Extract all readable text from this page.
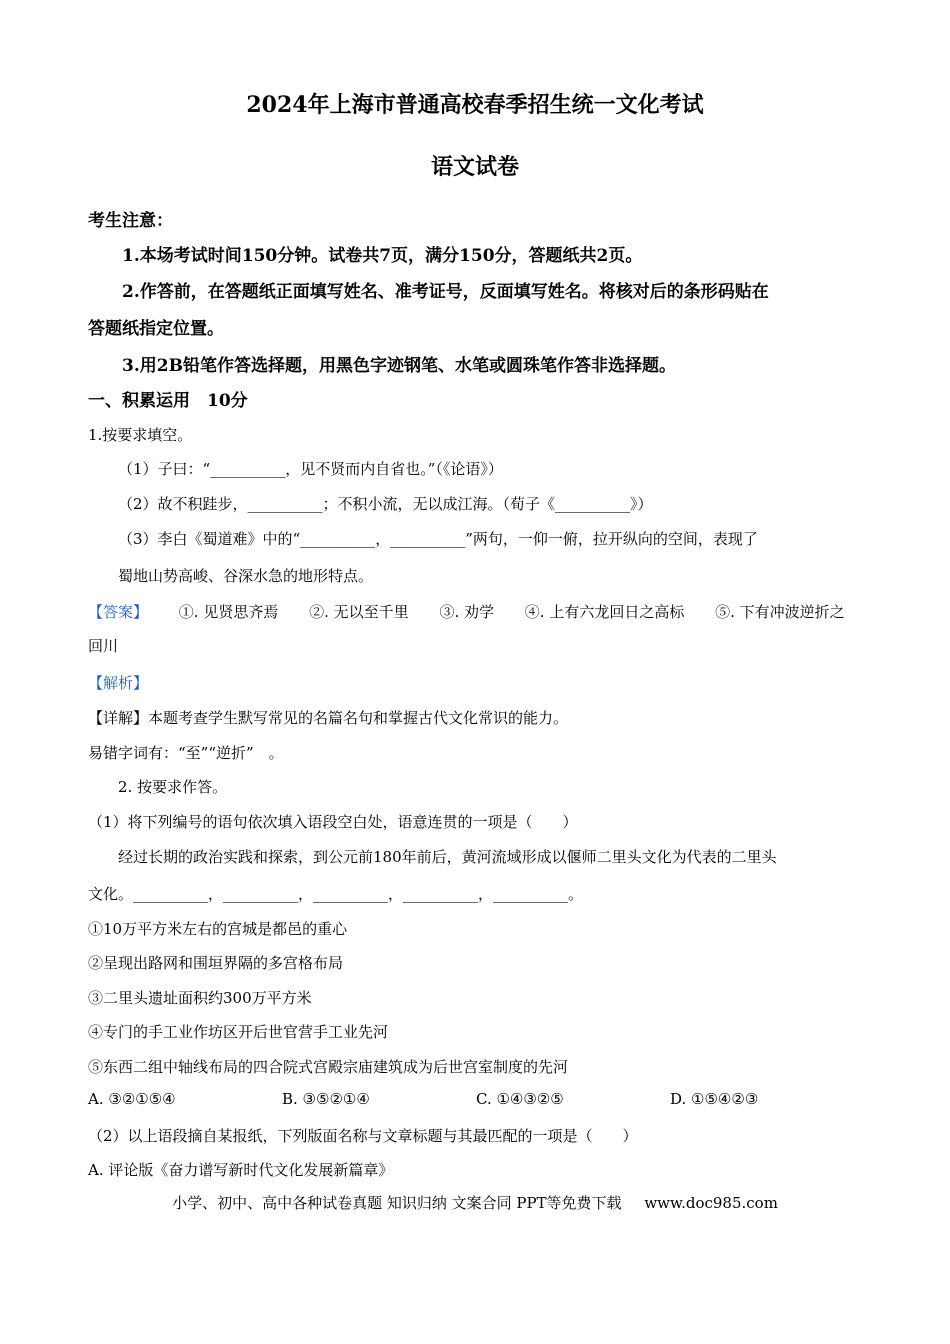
2024年上海市普通高校春季招生统一文化考试
语文试卷
考生注意：
1.本场考试时间150分钟。试卷共7页，满分150分，答题纸共2页。
2.作答前，在答题纸正面填写姓名、准考证号，反面填写姓名。将核对后的条形码贴在
答题纸指定位置。
3.用2B铅笔作答选择题，用黑色字迹钢笔、水笔或圆珠笔作答非选择题。
一、积累运用　10分
1.按要求填空。
（1）子曰：“__________，见不贤而内自省也。”（《论语》）
（2）故不积跬步，__________；不积小流，无以成江海。（荀子《__________》）
（3）李白《蜀道难》中的“__________，__________”两句，一仰一俯，拉开纵向的空间，表现了
蜀地山势高峻、谷深水急的地形特点。
【答案】 ①. 见贤思齐焉 ②. 无以至千里 ③. 劝学 ④. 上有六龙回日之高标 ⑤. 下有冲波逆折之
回川
【解析】
【详解】本题考查学生默写常见的名篇名句和掌握古代文化常识的能力。
易错字词有：“至”“逆折”　。
2. 按要求作答。
（1）将下列编号的语句依次填入语段空白处，语意连贯的一项是（　　）
经过长期的政治实践和探索，到公元前180年前后，黄河流域形成以偃师二里头文化为代表的二里头
文化。__________，__________，__________，__________，__________。
①10万平方米左右的宫城是都邑的重心
②呈现出路网和围垣界隔的多宫格布局
③二里头遗址面积约300万平方米
④专门的手工业作坊区开后世官营手工业先河
⑤东西二组中轴线布局的四合院式宫殿宗庙建筑成为后世宫室制度的先河
A. ③②①⑤④	B. ③⑤②①④	C. ①④③②⑤	D. ①⑤④②③
（2）以上语段摘自某报纸，下列版面名称与文章标题与其最匹配的一项是（　　）
A. 评论版《奋力谱写新时代文化发展新篇章》
小学、初中、高中各种试卷真题 知识归纳 文案合同 PPT等免费下载 www.doc985.com
